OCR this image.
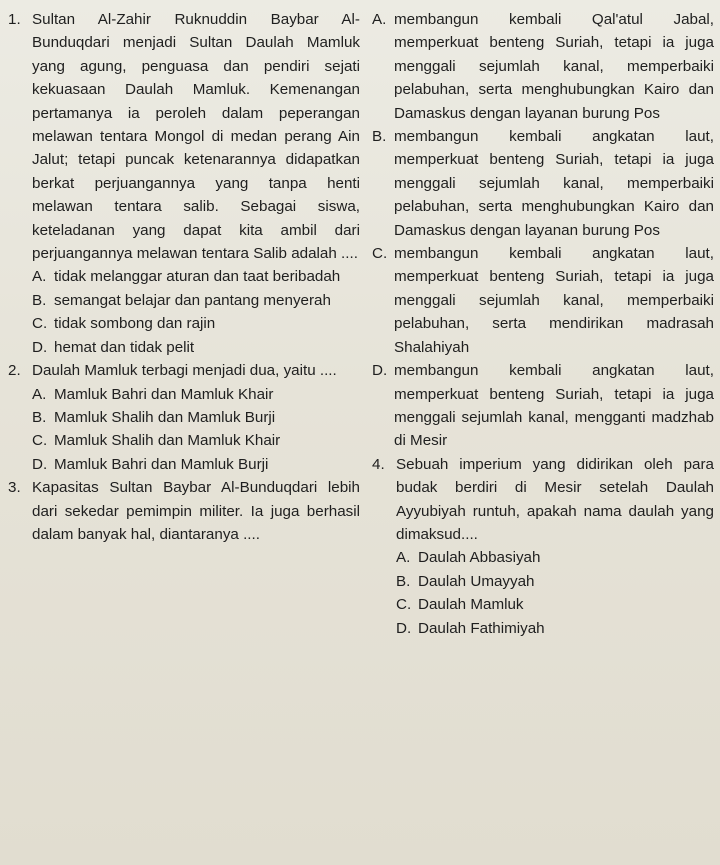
1. Sultan Al-Zahir Ruknuddin Baybar Al-Bunduqdari menjadi Sultan Daulah Mamluk yang agung, penguasa dan pendiri sejati kekuasaan Daulah Mamluk. Kemenangan pertamanya ia peroleh dalam peperangan melawan tentara Mongol di medan perang Ain Jalut; tetapi puncak ketenarannya didapatkan berkat perjuangannya yang tanpa henti melawan tentara salib. Sebagai siswa, keteladanan yang dapat kita ambil dari perjuangannya melawan tentara Salib adalah ....
A. tidak melanggar aturan dan taat beribadah
B. semangat belajar dan pantang menyerah
C. tidak sombong dan rajin
D. hemat dan tidak pelit
2. Daulah Mamluk terbagi menjadi dua, yaitu ....
A. Mamluk Bahri dan Mamluk Khair
B. Mamluk Shalih dan Mamluk Burji
C. Mamluk Shalih dan Mamluk Khair
D. Mamluk Bahri dan Mamluk Burji
3. Kapasitas Sultan Baybar Al-Bunduqdari lebih dari sekedar pemimpin militer. Ia juga berhasil dalam banyak hal, diantaranya ....
A. membangun kembali Qal'atul Jabal, memperkuat benteng Suriah, tetapi ia juga menggali sejumlah kanal, memperbaiki pelabuhan, serta menghubungkan Kairo dan Damaskus dengan layanan burung Pos
B. membangun kembali angkatan laut, memperkuat benteng Suriah, tetapi ia juga menggali sejumlah kanal, memperbaiki pelabuhan, serta menghubungkan Kairo dan Damaskus dengan layanan burung Pos
C. membangun kembali angkatan laut, memperkuat benteng Suriah, tetapi ia juga menggali sejumlah kanal, memperbaiki pelabuhan, serta mendirikan madrasah Shalahiyah
D. membangun kembali angkatan laut, memperkuat benteng Suriah, tetapi ia juga menggali sejumlah kanal, mengganti madzhab di Mesir
4. Sebuah imperium yang didirikan oleh para budak berdiri di Mesir setelah Daulah Ayyubiyah runtuh, apakah nama daulah yang dimaksud....
A. Daulah Abbasiyah
B. Daulah Umayyah
C. Daulah Mamluk
D. Daulah Fathimiyah
